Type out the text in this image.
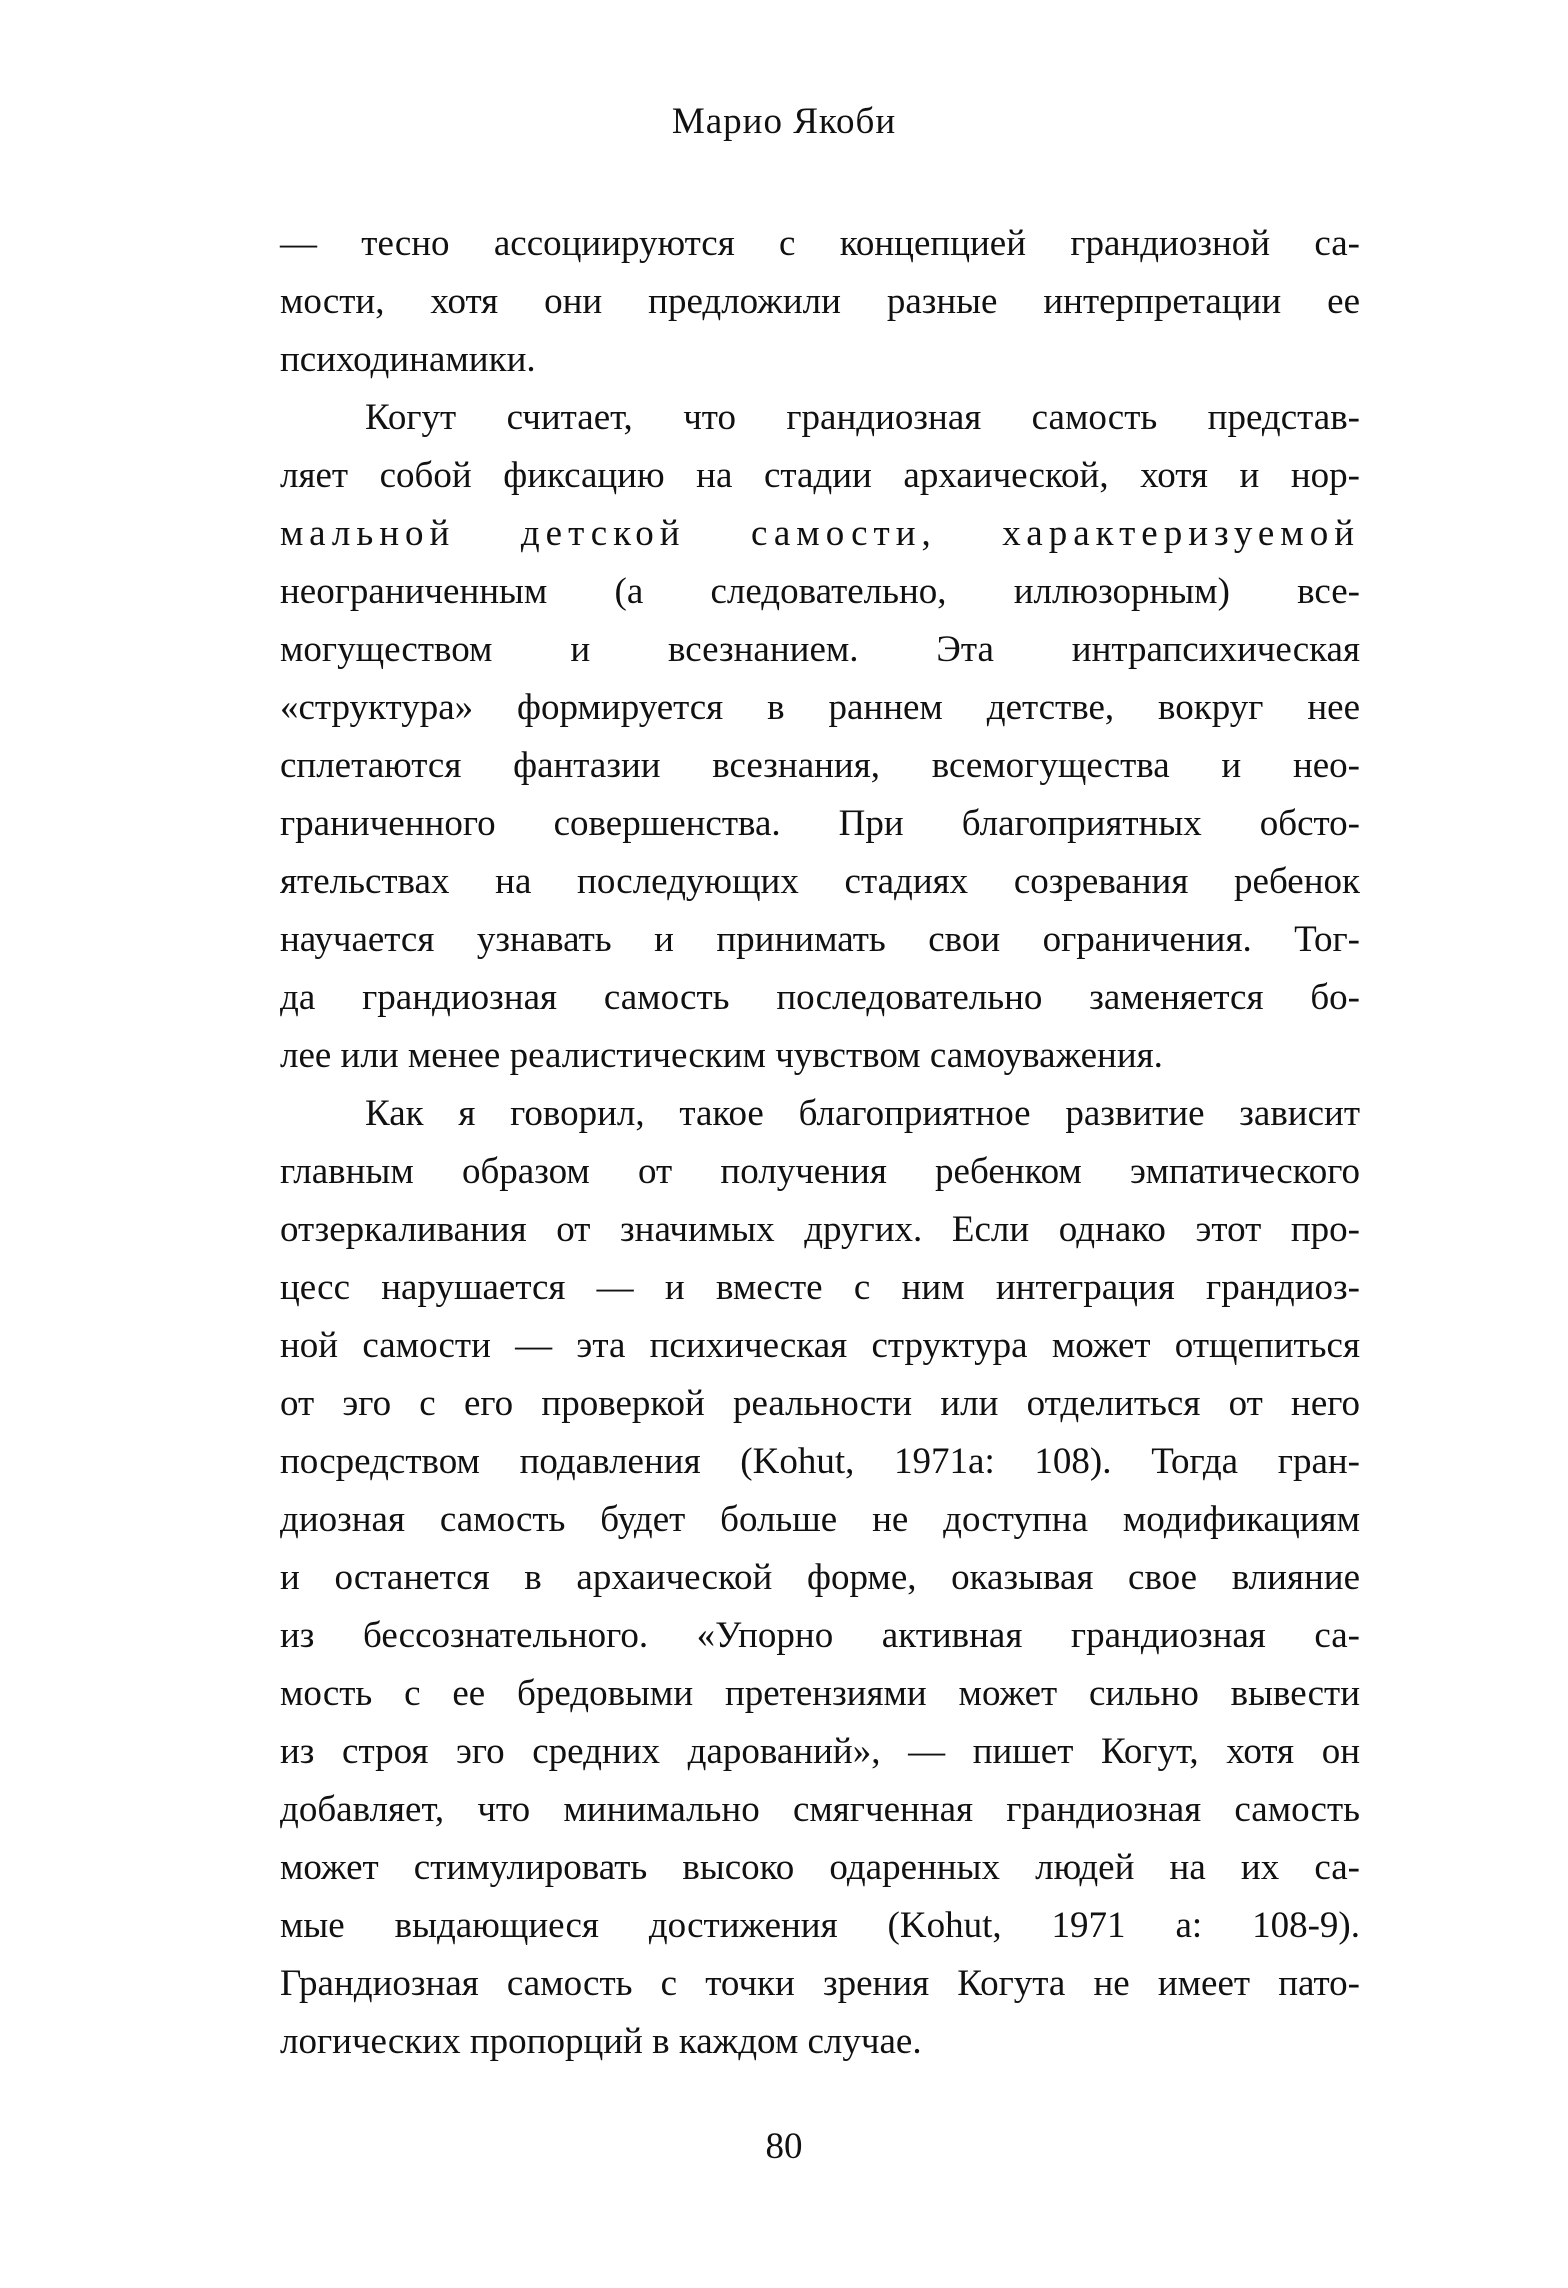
Марио Якоби
— тесно ассоциируются с концепцией грандиозной са-
мости, хотя они предложили разные интерпретации ее
психодинамики.
Когут считает, что грандиозная самость представ-
ляет собой фиксацию на стадии архаической, хотя и нор-
мальной детской самости, характеризуемой
неограниченным (а следовательно, иллюзорным) все-
могуществом и всезнанием. Эта интрапсихическая
«структура» формируется в раннем детстве, вокруг нее
сплетаются фантазии всезнания, всемогущества и нео-
граниченного совершенства. При благоприятных обсто-
ятельствах на последующих стадиях созревания ребенок
научается узнавать и принимать свои ограничения. Тог-
да грандиозная самость последовательно заменяется бо-
лее или менее реалистическим чувством самоуважения.
Как я говорил, такое благоприятное развитие зависит
главным образом от получения ребенком эмпатического
отзеркаливания от значимых других. Если однако этот про-
цесс нарушается — и вместе с ним интеграция грандиоз-
ной самости — эта психическая структура может отщепиться
от эго с его проверкой реальности или отделиться от него
посредством подавления (Kohut, 1971a: 108). Тогда гран-
диозная самость будет больше не доступна модификациям
и останется в архаической форме, оказывая свое влияние
из бессознательного. «Упорно активная грандиозная са-
мость с ее бредовыми претензиями может сильно вывести
из строя эго средних дарований», — пишет Когут, хотя он
добавляет, что минимально смягченная грандиозная самость
может стимулировать высоко одаренных людей на их са-
мые выдающиеся достижения (Kohut, 1971 a: 108-9).
Грандиозная самость с точки зрения Когута не имеет пато-
логических пропорций в каждом случае.
80
